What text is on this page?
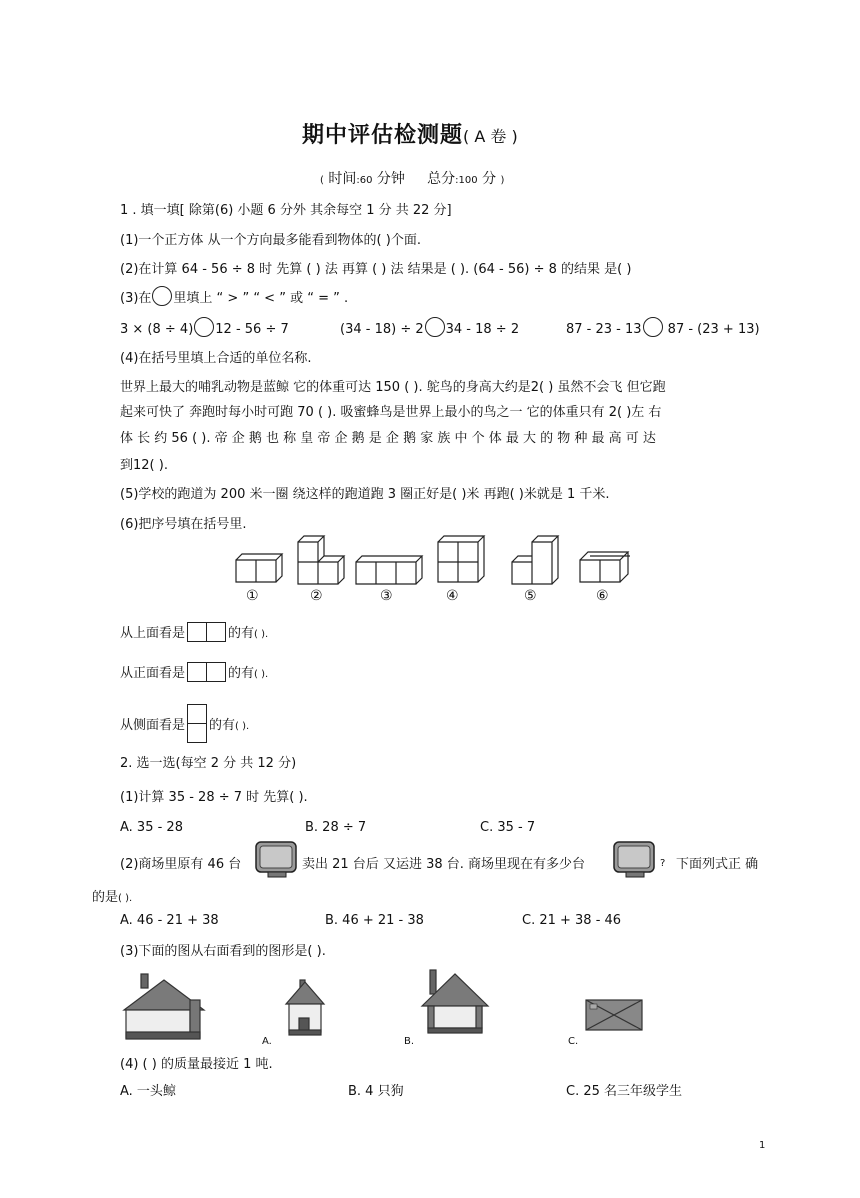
期中评估检测题( A 卷 )
( 时间:60 分钟 总分:100 分 )
1 . 填一填[ 除第(6) 小题 6 分外 其余每空 1 分 共 22 分]
(1)一个正方体 从一个方向最多能看到物体的( )个面.
(2)在计算 64 - 56 ÷ 8 时 先算 ( ) 法 再算 ( ) 法 结果是 ( ). (64 - 56) ÷ 8 的结果 是( )
(3)在 里填上 “ > ” “ < ” 或 “ = ” .
3 × (8 ÷ 4) 12 - 56 ÷ 7	(34 - 18) ÷ 2 34 - 18 ÷ 2	87 - 23 - 13 87 - (23 + 13)
(4)在括号里填上合适的单位名称.
世界上最大的哺乳动物是蓝鲸 它的体重可达 150 ( ). 鸵鸟的身高大约是2( ) 虽然不会飞 但它跑
起来可快了 奔跑时每小时可跑 70 ( ). 吸蜜蜂鸟是世界上最小的鸟之一 它的体重只有 2( )左 右
体 长 约 56 ( ). 帝 企 鹅 也 称 皇 帝 企 鹅 是 企 鹅 家 族 中 个 体 最 大 的 物 种 最 高 可 达
到12( ).
(5)学校的跑道为 200 米一圈 绕这样的跑道跑 3 圈正好是( )米 再跑( )米就是 1 千米.
(6)把序号填在括号里.
①	②	③	④	⑤	⑥
从上面看是	的有( ).
从正面看是	的有( ).
从侧面看是 的有( ).
2. 选一选(每空 2 分 共 12 分)
(1)计算 35 - 28 ÷ 7 时 先算( ).
A. 35 - 28	B. 28 ÷ 7	C. 35 - 7
(2)商场里原有 46 台	卖出 21 台后 又运进 38 台. 商场里现在有多少台	? 下面列式正 确
的是( ).
A. 46 - 21 + 38	B. 46 + 21 - 38	C. 21 + 38 - 46
(3)下面的图从右面看到的图形是( ).
A.	B.	C.
(4) ( ) 的质量最接近 1 吨.
A. 一头鲸	B. 4 只狗	C. 25 名三年级学生
1
